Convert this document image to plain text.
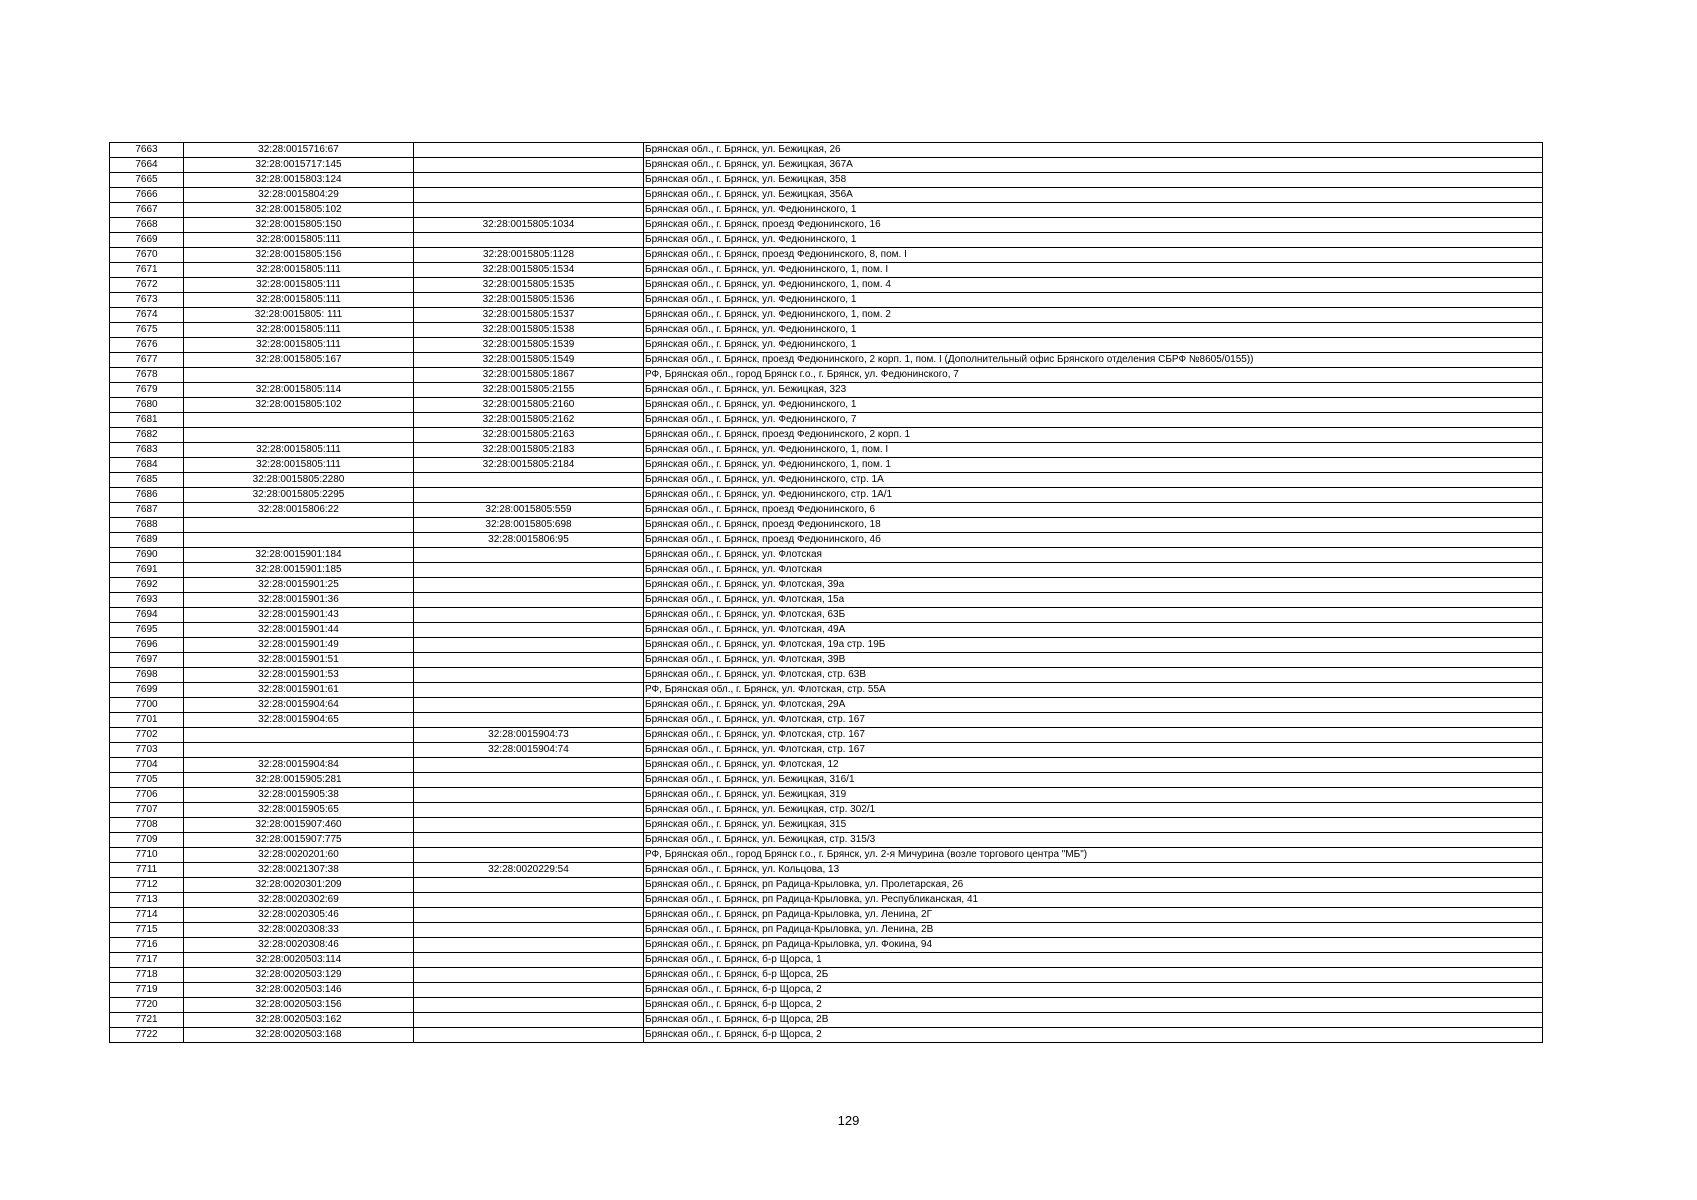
7663	32:28:0015716:67		Брянская обл., г. Брянск, ул. Бежицкая, 26
7664	32:28:0015717:145		Брянская обл., г. Брянск, ул. Бежицкая, 367А
7665	32:28:0015803:124		Брянская обл., г. Брянск, ул. Бежицкая, 358
7666	32:28:0015804:29		Брянская обл., г. Брянск, ул. Бежицкая, 356А
7667	32:28:0015805:102		Брянская обл., г. Брянск, ул. Федюнинского, 1
7668	32:28:0015805:150	32:28:0015805:1034	Брянская обл., г. Брянск, проезд Федюнинского, 16
7669	32:28:0015805:111		Брянская обл., г. Брянск, ул. Федюнинского, 1
7670	32:28:0015805:156	32:28:0015805:1128	Брянская обл., г. Брянск, проезд Федюнинского, 8, пом. I
7671	32:28:0015805:111	32:28:0015805:1534	Брянская обл., г. Брянск, ул. Федюнинского, 1, пом. I
7672	32:28:0015805:111	32:28:0015805:1535	Брянская обл., г. Брянск, ул. Федюнинского, 1, пом. 4
7673	32:28:0015805:111	32:28:0015805:1536	Брянская обл., г. Брянск, ул. Федюнинского, 1
7674	32:28:0015805: 111	32:28:0015805:1537	Брянская обл., г. Брянск, ул. Федюнинского, 1, пом. 2
7675	32:28:0015805:111	32:28:0015805:1538	Брянская обл., г. Брянск, ул. Федюнинского, 1
7676	32:28:0015805:111	32:28:0015805:1539	Брянская обл., г. Брянск, ул. Федюнинского, 1
7677	32:28:0015805:167	32:28:0015805:1549	Брянская обл., г. Брянск, проезд Федюнинского, 2 корп. 1, пом. I (Дополнительный офис Брянского отделения СБРФ №8605/0155))
7678		32:28:0015805:1867	РФ, Брянская обл., город Брянск г.о., г. Брянск, ул. Федюнинского, 7
7679	32:28:0015805:114	32:28:0015805:2155	Брянская обл., г. Брянск, ул. Бежицкая, 323
7680	32:28:0015805:102	32:28:0015805:2160	Брянская обл., г. Брянск, ул. Федюнинского, 1
7681		32:28:0015805:2162	Брянская обл., г. Брянск, ул. Федюнинского, 7
7682		32:28:0015805:2163	Брянская обл., г. Брянск, проезд Федюнинского, 2 корп. 1
7683	32:28:0015805:111	32:28:0015805:2183	Брянская обл., г. Брянск, ул. Федюнинского, 1, пом. I
7684	32:28:0015805:111	32:28:0015805:2184	Брянская обл., г. Брянск, ул. Федюнинского, 1, пом. 1
7685	32:28:0015805:2280		Брянская обл., г. Брянск, ул. Федюнинского, стр. 1А
7686	32:28:0015805:2295		Брянская обл., г. Брянск, ул. Федюнинского, стр. 1А/1
7687	32:28:0015806:22	32:28:0015805:559	Брянская обл., г. Брянск, проезд Федюнинского, 6
7688		32:28:0015805:698	Брянская обл., г. Брянск, проезд Федюнинского, 18
7689		32:28:0015806:95	Брянская обл., г. Брянск, проезд Федюнинского, 4б
7690	32:28:0015901:184		Брянская обл., г. Брянск, ул. Флотская
7691	32:28:0015901:185		Брянская обл., г. Брянск, ул. Флотская
7692	32:28:0015901:25		Брянская обл., г. Брянск, ул. Флотская, 39а
7693	32:28:0015901:36		Брянская обл., г. Брянск, ул. Флотская, 15а
7694	32:28:0015901:43		Брянская обл., г. Брянск, ул. Флотская, 63Б
7695	32:28:0015901:44		Брянская обл., г. Брянск, ул. Флотская, 49А
7696	32:28:0015901:49		Брянская обл., г. Брянск, ул. Флотская, 19а стр. 19Б
7697	32:28:0015901:51		Брянская обл., г. Брянск, ул. Флотская, 39В
7698	32:28:0015901:53		Брянская обл., г. Брянск, ул. Флотская, стр. 63В
7699	32:28:0015901:61		РФ, Брянская обл., г. Брянск, ул. Флотская, стр. 55А
7700	32:28:0015904:64		Брянская обл., г. Брянск, ул. Флотская, 29А
7701	32:28:0015904:65		Брянская обл., г. Брянск, ул. Флотская, стр. 167
7702		32:28:0015904:73	Брянская обл., г. Брянск, ул. Флотская, стр. 167
7703		32:28:0015904:74	Брянская обл., г. Брянск, ул. Флотская, стр. 167
7704	32:28:0015904:84		Брянская обл., г. Брянск, ул. Флотская, 12
7705	32:28:0015905:281		Брянская обл., г. Брянск, ул. Бежицкая, 316/1
7706	32:28:0015905:38		Брянская обл., г. Брянск, ул. Бежицкая, 319
7707	32:28:0015905:65		Брянская обл., г. Брянск, ул. Бежицкая, стр. 302/1
7708	32:28:0015907:460		Брянская обл., г. Брянск, ул. Бежицкая, 315
7709	32:28:0015907:775		Брянская обл., г. Брянск, ул. Бежицкая, стр. 315/3
7710	32:28:0020201:60		РФ, Брянская обл., город Брянск г.о., г. Брянск, ул. 2-я Мичурина (возле торгового центра "МБ")
7711	32:28:0021307:38	32:28:0020229:54	Брянская обл., г. Брянск, ул. Кольцова, 13
7712	32:28:0020301:209		Брянская обл., г. Брянск, рп Радица-Крыловка, ул. Пролетарская, 26
7713	32:28:0020302:69		Брянская обл., г. Брянск, рп Радица-Крыловка, ул. Республиканская, 41
7714	32:28:0020305:46		Брянская обл., г. Брянск, рп Радица-Крыловка, ул. Ленина, 2Г
7715	32:28:0020308:33		Брянская обл., г. Брянск, рп Радица-Крыловка, ул. Ленина, 2В
7716	32:28:0020308:46		Брянская обл., г. Брянск, рп Радица-Крыловка, ул. Фокина, 94
7717	32:28:0020503:114		Брянская обл., г. Брянск, б-р Щорса, 1
7718	32:28:0020503:129		Брянская обл., г. Брянск, б-р Щорса, 2Б
7719	32:28:0020503:146		Брянская обл., г. Брянск, б-р Щорса, 2
7720	32:28:0020503:156		Брянская обл., г. Брянск, б-р Щорса, 2
7721	32:28:0020503:162		Брянская обл., г. Брянск, б-р Щорса, 2В
7722	32:28:0020503:168		Брянская обл., г. Брянск, б-р Щорса, 2
129
